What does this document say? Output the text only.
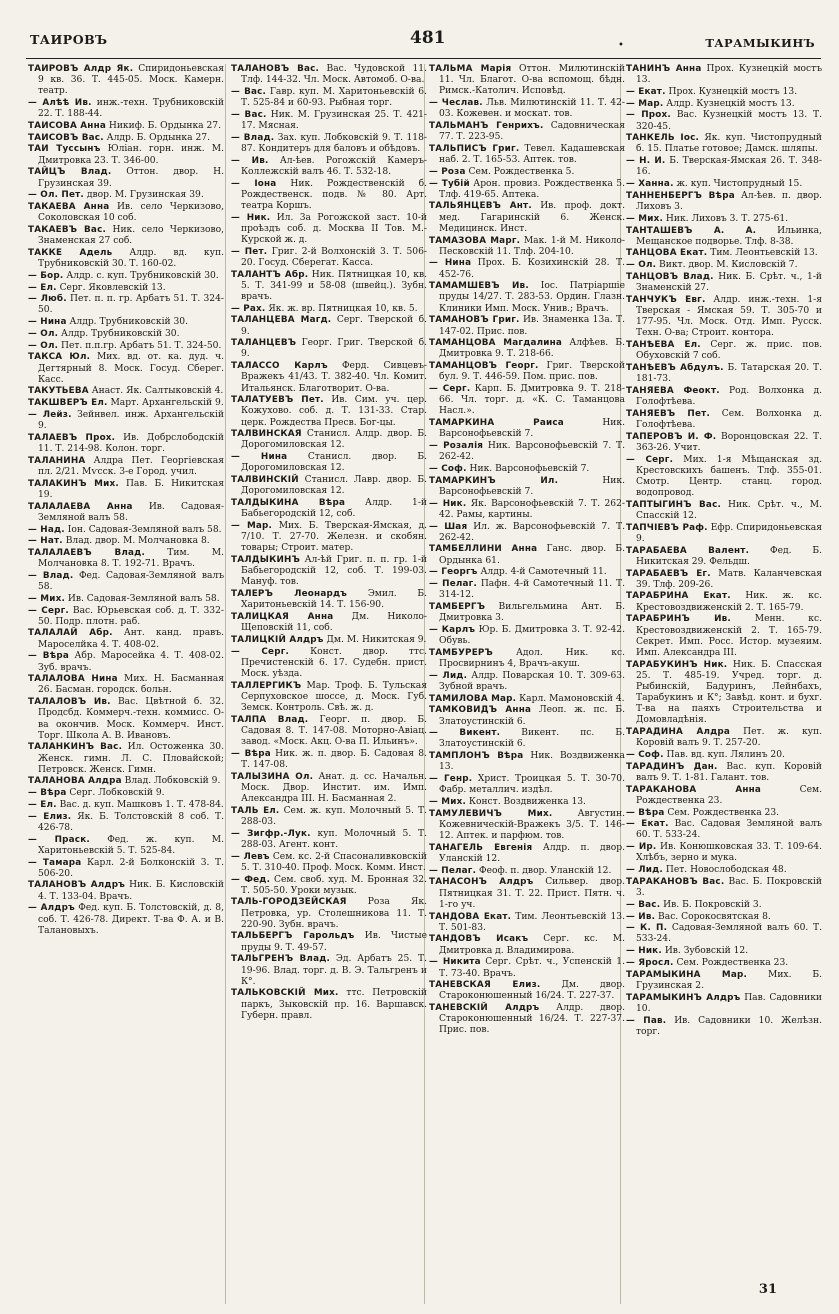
ТАИРОВЪ	481	•	ТАРАМЫКИНЪ

ТАИРОВЪ Алдр Як. Спиридоньевская 9 кв. 36. Т. 445-05. Моск. Камерн. театр.

— Алѣѣ Ив. инж.-техн. Трубниковскій 22. Т. 188-44.

ТАИСОВА Анна Никиф. Б. Ордынка 27.

ТАИСОВЪ Вас. Алдр. Б. Ордынка 27.

ТАИ Туссынъ Юліан. горн. инж. М. Дмитровка 23. Т. 346-00.

ТАЙЦЪ Влад. Оттон. двор. Н. Грузинская 39.

— Ол. Пет. двор. М. Грузинская 39.

ТАКАЕВА Анна Ив. село Черкизово, Соколовская 10 соб.

ТАКАЕВЪ Вас. Ник. село Черкизово, Знаменская 27 соб.

ТАККЕ Адель Алдр. вд. куп. Трубниковскій 30. Т. 160-02.

— Бор. Алдр. с. куп. Трубниковскій 30.

— Ел. Серг. Яковлевскій 13.

— Люб. Пет. п. п. гр. Арбатъ 51. Т. 324-50.

— Нина Алдр. Трубниковскій 30.

— Ол. Алдр. Трубниковскій 30.

— Ол. Пет. п.п.гр. Арбатъ 51. Т. 324-50.

ТАКСА Юл. Мих. вд. от. ка. дуд. ч. Дегтярный 8. Моск. Госуд. Сберег. Касс.

ТАКУТЬЕВА Анаст. Як. Салтыковскій 4.

ТАКШВЕРЪ Ел. Март. Архангельскій 9.

— Лейз. Зейнвел. инж. Архангельскій 9.

ТАЛАЕВЪ Прох. Ив. Добрслободскій 11. Т. 214-98. Колон. торг.

ТАЛАНИНА Алдра Пет. Георгіевская пл. 2/21. Мѵсск. 3-е Город. учил.

ТАЛАКИНЪ Мих. Пав. Б. Никитская 19.

ТАЛАЛАЕВА Анна Ив. Садовая-Земляной валъ 58.

— Над. Іон. Садовая-Земляной валъ 58.

— Нат. Влад. двор. М. Молчановка 8.

ТАЛАЛАЕВЪ Влад. Тим. М. Молчановка 8. Т. 192-71. Врачъ.

— Влад. Фед. Садовая-Земляной валъ 58.

— Мих. Ив. Садовая-Земляной валъ 58.

— Серг. Вас. Юрьевская соб. д. Т. 332-50. Подр. плотн. раб.

ТАЛАЛАЙ Абр. Ант. канд. правъ. Мароселйка 4. Т. 408-02.

— Вѣра Абр. Маросейка 4. Т. 408-02. Зуб. врачъ.

ТАЛАЛОВА Нина Мих. Н. Басманная 26. Басман. городск. больн.

ТАЛАЛОВЪ Ив. Вас. Цвѣтной б. 32. Продсбд. Коммерч.-техн. коммисс. О-ва окончив. Моск. Коммерч. Инст. Торг. Школа А. В. Ивановъ.

ТАЛАНКИНЪ Вас. Ил. Остоженка 30. Женск. гимн. Л. С. Пловайской; Петровск. Женск. Гимн.

ТАЛАНОВА Алдра Влад. Лобковскій 9.

— Вѣра Серг. Лобковскій 9.

— Ел. Вас. д. куп. Машковъ 1. Т. 478-84.

— Елиз. Як. Б. Толстовскій 8 соб. Т. 426-78.

— Праск. Фед. ж. куп. М. Харитоньевскій 5. Т. 525-84.

— Тамара Карл. 2-й Болконскій 3. Т. 506-20.

ТАЛАНОВЪ Алдръ Ник. Б. Кисловскій 4. Т. 133-04. Врачъ.

— Алдръ Фед. куп. Б. Толстовскій, д. 8, соб. Т. 426-78. Директ. Т-ва Ф. А. и В. Талановыхъ.

ТАЛАНОВЪ Вас. Вас. Чудовской 11. Тлф. 144-32. Чл. Моск. Автомоб. О-ва.

— Вас. Гавр. куп. М. Харитоньевскій 6. Т. 525-84 и 60-93. Рыбная торг.

— Вас. Ник. М. Грузинская 25. Т. 421-17. Мясная.

— Влад. Зах. куп. Лобковскій 9. Т. 118-87. Кондитеръ для баловъ и обѣдовъ.

— Ив. Ал-ѣев. Рогожскій Камеръ-Коллежскій валъ 46. Т. 532-18.

— Іона Ник. Рождественскій б. Рождественск. подв. № 80. Арт. театра Коршъ.

— Ник. Ил. 3а Рогожской заст. 10-й проѣздъ соб. д. Москва II Тов. М.-Курской ж. д.

— Пет. Григ. 2-й Волхонскій 3. Т. 506-20. Госуд. Сберегат. Касса.

ТАЛАНТЪ Абр. Ник. Пятницкая 10, кв. 5. Т. 341-99 и 58-08 (швейц.). Зубн. врачъ.

— Рах. Як. ж. вр. Пятницкая 10, кв. 5.

ТАЛАНЦЕВА Магд. Серг. Тверской б. 9.

ТАЛАНЦЕВЪ Георг. Григ. Тверской б. 9.

ТАЛАССО Карлъ Ферд. Сивцевъ-Вражекъ 41/43. Т. 382-40. Чл. Комит. Итальянск. Благотворит. О-ва.

ТАЛАТУЕВЪ Пет. Ив. Сим. уч. цер. Кожухово. соб. д. Т. 131-33. Стар. церк. Рождества Пресв. Бог-цы.

ТАЛВИНСКАЯ Станисл. Алдр. двор. Б. Дорогомиловская 12.

— Нина Станисл. двор. Б. Дорогомиловская 12.

ТАЛВИНСКІЙ Станисл. Лавр. двор. Б. Дорогомиловская 12.

ТАЛДЫКИНА Вѣра Алдр. 1-й Бабьегородскій 12, соб.

— Мар. Мих. Б. Тверская-Ямская, д. 7/10. Т. 27-70. Железн. и скобян. товары; Строит. матер.

ТАЛДЫКИНЪ Ал-ѣй Григ. п. п. гр. 1-й Бабьегородскій 12, соб. Т. 199-03. Мануф. тов.

ТАЛЕРЪ Леонардъ Эмил. Б. Харитоньевскій 14. Т. 156-90.

ТАЛИЦКАЯ Анна Дм. Николо-Щеповскій 11, соб.

ТАЛИЦКІЙ Алдръ Дм. М. Никитская 9.

— Серг. Конст. двор. ттс. Пречистенскій 6. 17. Судебн. прист. Моск. уѣзда.

ТАЛЛЕРГИКЪ Мар. Троф. Б. Тульская Серпуховское шоссе, д. Моск. Губ. Земск. Контроль. Свѣ. ж. д.

ТАЛПА Влад. Георг. п. двор. Б. Садовая 8. Т. 147-08. Моторно-Авіац. завод. «Моск. Акц. О-ва П. Ильинъ».

— Вѣра Ник. ж. п. двор. Б. Садовая 8. Т. 147-08.

ТАЛЫЗИНА Ол. Анат. д. сс. Начальн. Моск. Двор. Инстит. им. Имп. Александра III. Н. Басманная 2.

ТАЛЬ Ел. Сем. ж. куп. Молочный 5. Т. 288-03.

— Зигфр.-Лук. куп. Молочный 5. Т. 288-03. Агент. конт.

— Левъ Сем. кс. 2-й Спасоналивковскій 5. Т. 310-40. Проф. Моск. Комм. Инст.

— Фед. Сем. своб. худ. М. Бронная 32. Т. 505-50. Уроки музык.

ТАЛЬ-ГОРОДЗЕЙСКАЯ Роза Як. Петровка, ур. Столешникова 11. Т. 220-90. Зубн. врачъ.

ТАЛЬБЕРГЪ Гарольдъ Ив. Чистые пруды 9. Т. 49-57.

ТАЛЬГРЕНЪ Влад. Эд. Арбатъ 25. Т. 19-96. Влад. торг. д. В. Э. Тальгренъ и К°.

ТАЛЬКОВСКІЙ Мих. ттс. Петровскій паркъ, Зыковскій пр. 16. Варшавск. Губерн. правл.

ТАЛЬМА Марія Оттон. Милютинскій 11. Чл. Благот. О-ва вспомощ. бѣдн. Римск.-Католич. Исповѣд.

— Чеслав. Льв. Милютинскій 11. Т. 42-03. Кожевен. и москат. тов.

ТАЛЬМАНЪ Генрихъ. Садовническая 77. Т. 223-95.

ТАЛЬПИСЪ Григ. Тевел. Кадашевская наб. 2. Т. 165-53. Аптек. тов.

— Роза Сем. Рождественка 5.

— Тубій Арон. провиз. Рождественка 5. Тлф. 419-65. Аптека.

ТАЛЬЯНЦЕВЪ Ант. Ив. проф. докт. мед. Гагаринскій 6. Женск. Медицинск. Инст.

ТАМАЗОВА Марг. Мак. 1-й М. Николо-Песковскій 11. Тлф. 204-10.

— Нина Прох. Б. Козихинскій 28. Т. 452-76.

ТАМАМШЕВЪ Ив. Іос. Патріаршіе пруды 14/27. Т. 283-53. Ордин. Глазн. Клиники Имп. Моск. Унив.; Врачъ.

ТАМАНОВЪ Григ. Ив. Знаменка 13а. Т. 147-02. Прис. пов.

ТАМАНЦОВА Магдалина Алфѣев. Б. Дмитровка 9. Т. 218-66.

ТАМАНЦОВЪ Георг. Григ. Тверской бул. 9. Т. 446-59. Пом. прис. пов.

— Серг. Карп. Б. Дмитровка 9. Т. 218-66. Чл. торг. д. «К. С. Таманцова Насл.».

ТАМАРКИНА Раиса	Ник. Варсонофьевскій 7.

— Розалія Ник. Варсонофьевскій 7. Т. 262-42.

— Соф. Ник. Варсонофьевскій 7.

ТАМАРКИНЪ Ил.	Ник. Варсонофьевскій 7.

— Ник. Як. Варсонофьевскій 7. Т. 262-42. Рамы, картины.

— Шая Ил. ж. Варсонофьевскій 7. Т. 262-42.

ТАМБЕЛЛИНИ Анна Ганс. двор. Б. Ордынка 61.

— Георгъ Алдр. 4-й Самотечный 11.

— Пелаг. Пафн. 4-й Самотечный 11. Т. 314-12.

ТАМБЕРГЪ Вильгельмина Ант. Б. Дмитровка 3.

— Карлъ Юр. Б. Дмитровка 3. Т. 92-42. Обувь.

ТАМБУРЕРЪ	Адол. Ник. кс. Просвирнинъ 4, Врачъ-акуш.

— Лид. Алдр. Поварская 10. Т. 309-63. Зубной врачъ.

ТАМИЛОВА Мар. Карл. Мамоновскій 4.

ТАМКОВИДЪ Анна Леоп. ж. пс. Б. Златоустинскій 6.

— Викент. Викент. пс. Б. Златоустинскій 6.

ТАМПЛОНЪ Вѣра Ник. Воздвиженка 13.

— Генр. Христ. Троицкая 5. Т. 30-70. Фабр. металлич. издѣл.

— Мих. Конст. Воздвиженка 13.

ТАМУЛЕВИЧЪ Мих.	Августин. Кожевническій-Вражекъ 3/5. Т. 146-12. Аптек. и парфюм. тов.

ТАНАГЕЛЬ Евгенія Алдр. п. двор. Уланскій 12.

— Пелаг. Феоф. п. двор. Уланскій 12.

ТАНАСОНЪ Алдръ Сильвер. двор. Пятницкая 31. Т. 22. Прист. Пятн. ч. 1-го уч.

ТАНДОВА Екат. Тим. Леонтьевскій 13. Т. 501-83.

ТАНДОВЪ Исакъ Серг. кс. М. Дмитровка д. Владимирова.

— Никита Серг. Срѣт. ч., Успенскій 1. Т. 73-40. Врачъ.

ТАНЕВСКАЯ Елиз. Дм. двор. Староконюшенный 16/24. Т. 227-37.

ТАНЕВСКІЙ Алдръ Алдр. двор. Староконюшенный 16/24. Т. 227-37. Прис. пов.

ТАНИНЪ Анна Прох. Кузнецкій мостъ 13.

— Екат. Прох. Кузнецкій мостъ 13.

— Мар. Алдр. Кузнецкій мостъ 13.

— Прох. Вас. Кузнецкій мостъ 13. Т. 320-45.

ТАНКЕЛЬ Іос. Як. куп. Чистопрудный б. 15. Платье готовое; Дамск. шляпы.

— Н. И. Б. Тверская-Ямская 26. Т. 348-16.

— Ханна. ж. куп. Чистопрудный 15.

ТАННЕНБЕРГЪ Вѣра Ал-ѣев. п. двор. Лиховъ 3.

— Мих. Ник. Лиховъ 3. Т. 275-61.

ТАНТАШЕВЪ А. А. Ильинка, Мещанское подворье. Тлф. 8-38.

ТАНЦОВА Екат. Тим. Леонтьевскій 13.

— Ол. Викт. двор. М. Кисловскій 7.

ТАНЦОВЪ Влад. Ник. Б. Срѣт. ч., 1-й Знаменскій 27.

ТАНЧУКЪ Евг. Алдр. инж.-техн. 1-я Тверская - Ямская 59. Т. 305-70 и 177-95. Чл. Моск. Отд. Имп. Русск. Техн. О-ва; Строит. контора.

ТАНѢЕВА Ел. Серг. ж. прис. пов. Обуховскій 7 соб.

ТАНѢЕВЪ Абдулъ. Б. Татарская 20. Т. 181-73.

ТАНЯЕВА Феокт. Род. Волхонка д. Голофтѣева.

ТАНЯЕВЪ Пет. Сем. Волхонка д. Голофтѣева.

ТАПЕРОВЪ И. Ф. Воронцовская 22. Т. 363-26. Учит.

— Серг. Мих. 1-я Мѣщанская зд. Крестовскихъ башенъ. Тлф. 355-01. Смотр. Центр. станц. город. водопровод.

ТАПТЫГИНЪ Вас. Ник. Срѣт. ч., М. Спасскій 12.

ТАПЧІЕВЪ Раф. Ефр. Спиридоньевская 9.

ТАРАБАЕВА Валент. Фед. Б. Никитская 29. Фельдш.

ТАРАБАЕВЪ Ег. Матв. Каланчевская 39. Тлф. 209-26.

ТАРАБРИНА Екат. Ник. ж. кс. Крестовоздвиженскій 2. Т. 165-79.

ТАРАБРИНЪ Ив.	Менн. кс. Крестовоздвиженскій 2. Т. 165-79. Секрет. Имп. Росс. Истор. музеяим. Имп. Александра III.

ТАРАБУКИНЪ Ник. Ник. Б. Спасская 25. Т. 485-19. Учред. торг. д. Рыбинскій, Бадуринъ, Лейнбахъ, Тарабукинъ и К°; Завѣд. конт. и бухг. Т-ва на паяхъ Строительства и Домовладѣнія.

ТАРАДИНА Алдра Пет. ж. куп. Коровій валъ 9. Т. 257-20.

— Соф. Пав. вд. куп. Лялинъ 20.

ТАРАДИНЪ Дан. Вас. куп. Коровій валъ 9. Т. 1-81. Галант. тов.

ТАРАКАНОВА Анна	Сем. Рождественка 23.

— Вѣра Сем. Рождественка 23.

— Екат. Вас. Садовая Земляной валъ 60. Т. 533-24.

— Ир. Ив. Конюшковская 33. Т. 109-64. Хлѣбъ, зерно и мука.

— Лид. Пет. Новослободская 48.

ТАРАКАНОВЪ Вас. Вас. Б. Покровскій 3.

— Вас. Ив. Б. Покровскій 3.

— Ив. Вас. Сорокосвятская 8.

— К. П. Садовая-Земляной валъ 60. Т. 533-24.

— Ник. Ив. Зубовскій 12.

— Яросл. Сем. Рождественка 23.

ТАРАМЫКИНА Мар. Мих. Б. Грузинская 2.

ТАРАМЫКИНЪ Алдръ Пав. Садовники 10.

— Пав. Ив. Садовники 10. Желѣзн. торг.

31
